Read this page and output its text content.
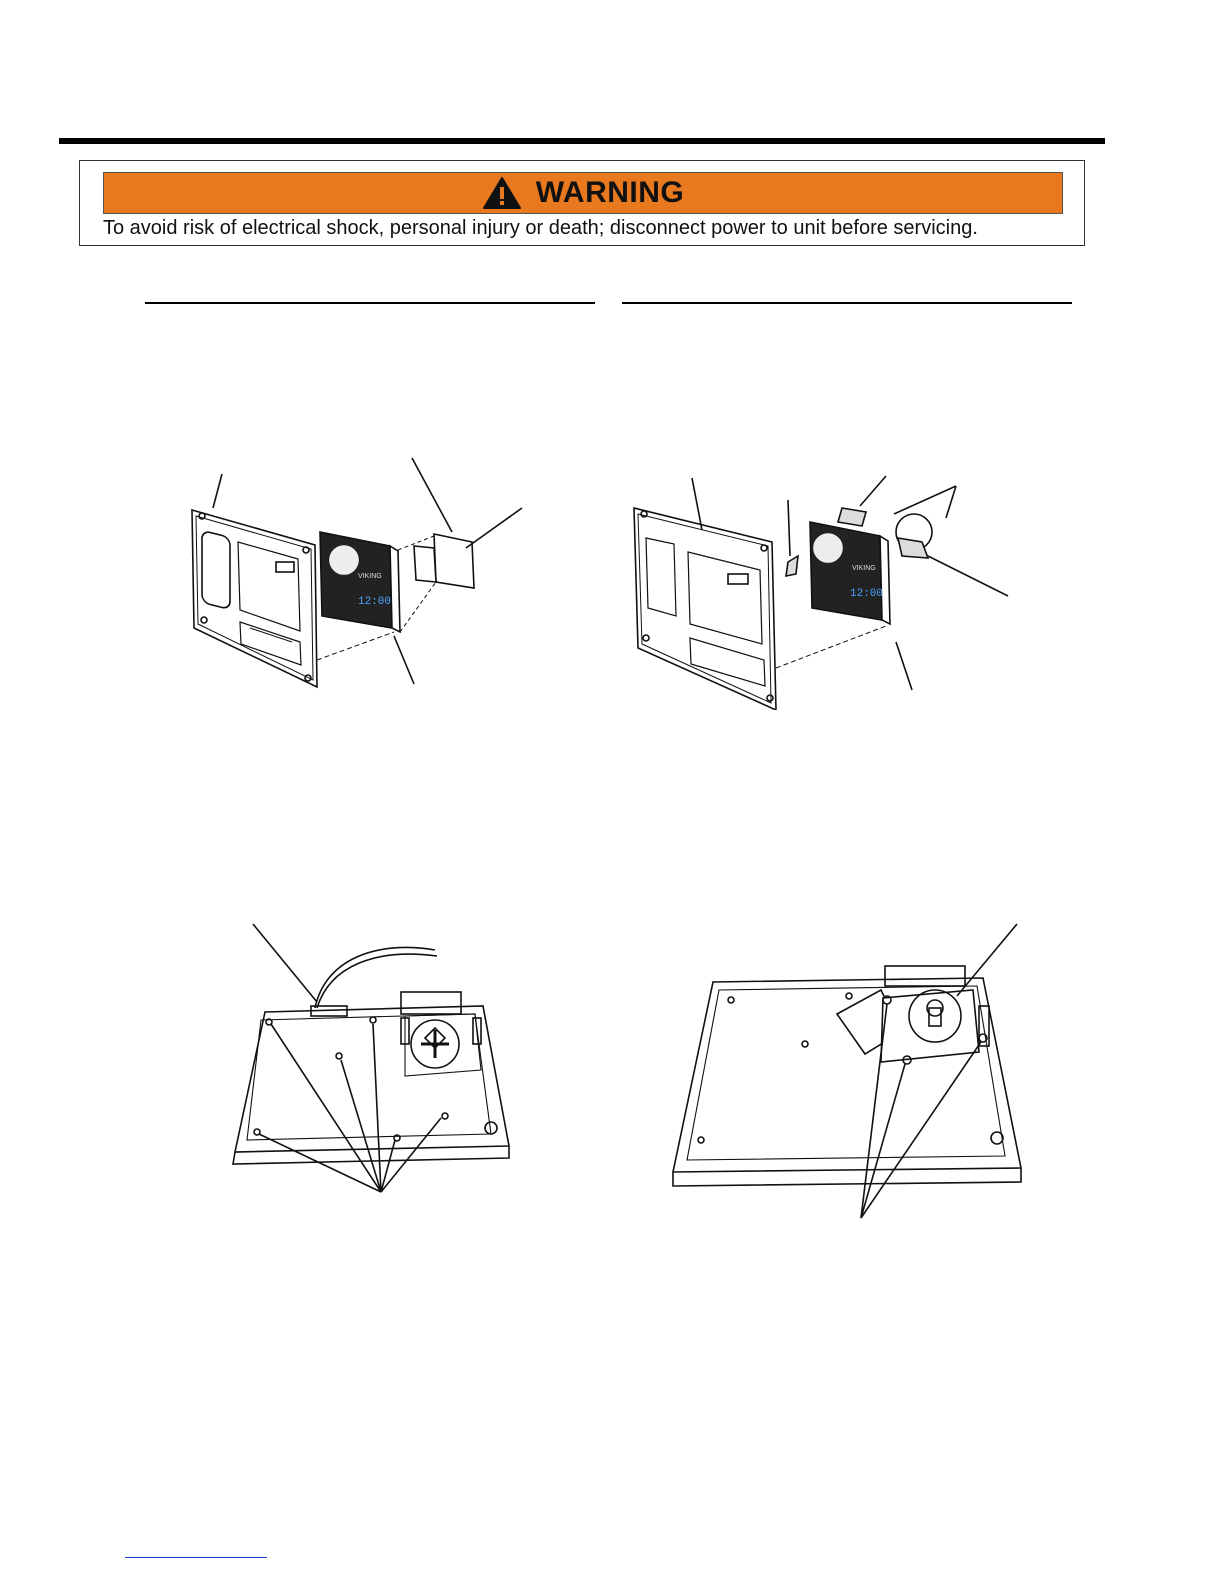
WARNING
To avoid risk of electrical shock, personal injury or death; disconnect power to unit before servicing.
12:00
VIKING
12:00
VIKING
